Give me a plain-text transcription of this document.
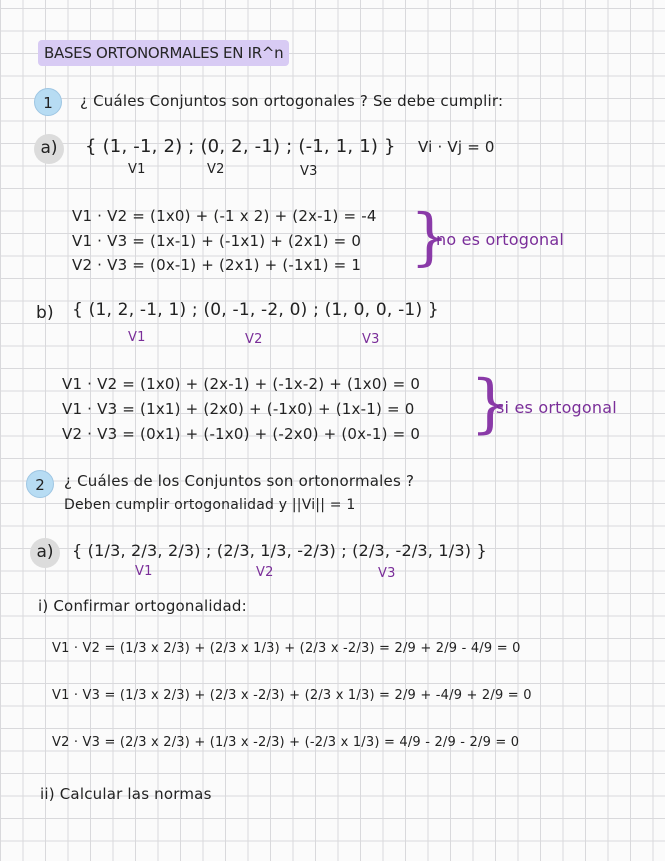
BASES ORTONORMALES EN IR^n
1	¿ Cuáles Conjuntos son ortogonales ? Se debe cumplir:
a)	{ (1, -1, 2) ; (0, 2, -1) ; (-1, 1, 1) } Vi · Vj = 0
V1	V2	V3
V1 · V2 = (1x0) + (-1 x 2) + (2x-1) = -4
V1 · V3 = (1x-1) + (-1x1) + (2x1) = 0
V2 · V3 = (0x-1) + (2x1) + (-1x1) = 1 }
no es ortogonal
b) { (1, 2, -1, 1) ; (0, -1, -2, 0) ; (1, 0, 0, -1) }
V1	V2	V3
V1 · V2 = (1x0) + (2x-1) + (-1x-2) + (1x0) = 0
V1 · V3 = (1x1) + (2x0) + (-1x0) + (1x-1) = 0
V2 · V3 = (0x1) + (-1x0) + (-2x0) + (0x-1) = 0 }
si es ortogonal
2	¿ Cuáles de los Conjuntos son ortonormales ?
Deben cumplir ortogonalidad y ||Vi|| = 1
a)	{ (1/3, 2/3, 2/3) ; (2/3, 1/3, -2/3) ; (2/3, -2/3, 1/3) }
V1	V2	V3
i) Confirmar ortogonalidad:
V1 · V2 = (1/3 x 2/3) + (2/3 x 1/3) + (2/3 x -2/3) = 2/9 + 2/9 - 4/9 = 0
V1 · V3 = (1/3 x 2/3) + (2/3 x -2/3) + (2/3 x 1/3) = 2/9 + -4/9 + 2/9 = 0
V2 · V3 = (2/3 x 2/3) + (1/3 x -2/3) + (-2/3 x 1/3) = 4/9 - 2/9 - 2/9 = 0
ii) Calcular las normas
